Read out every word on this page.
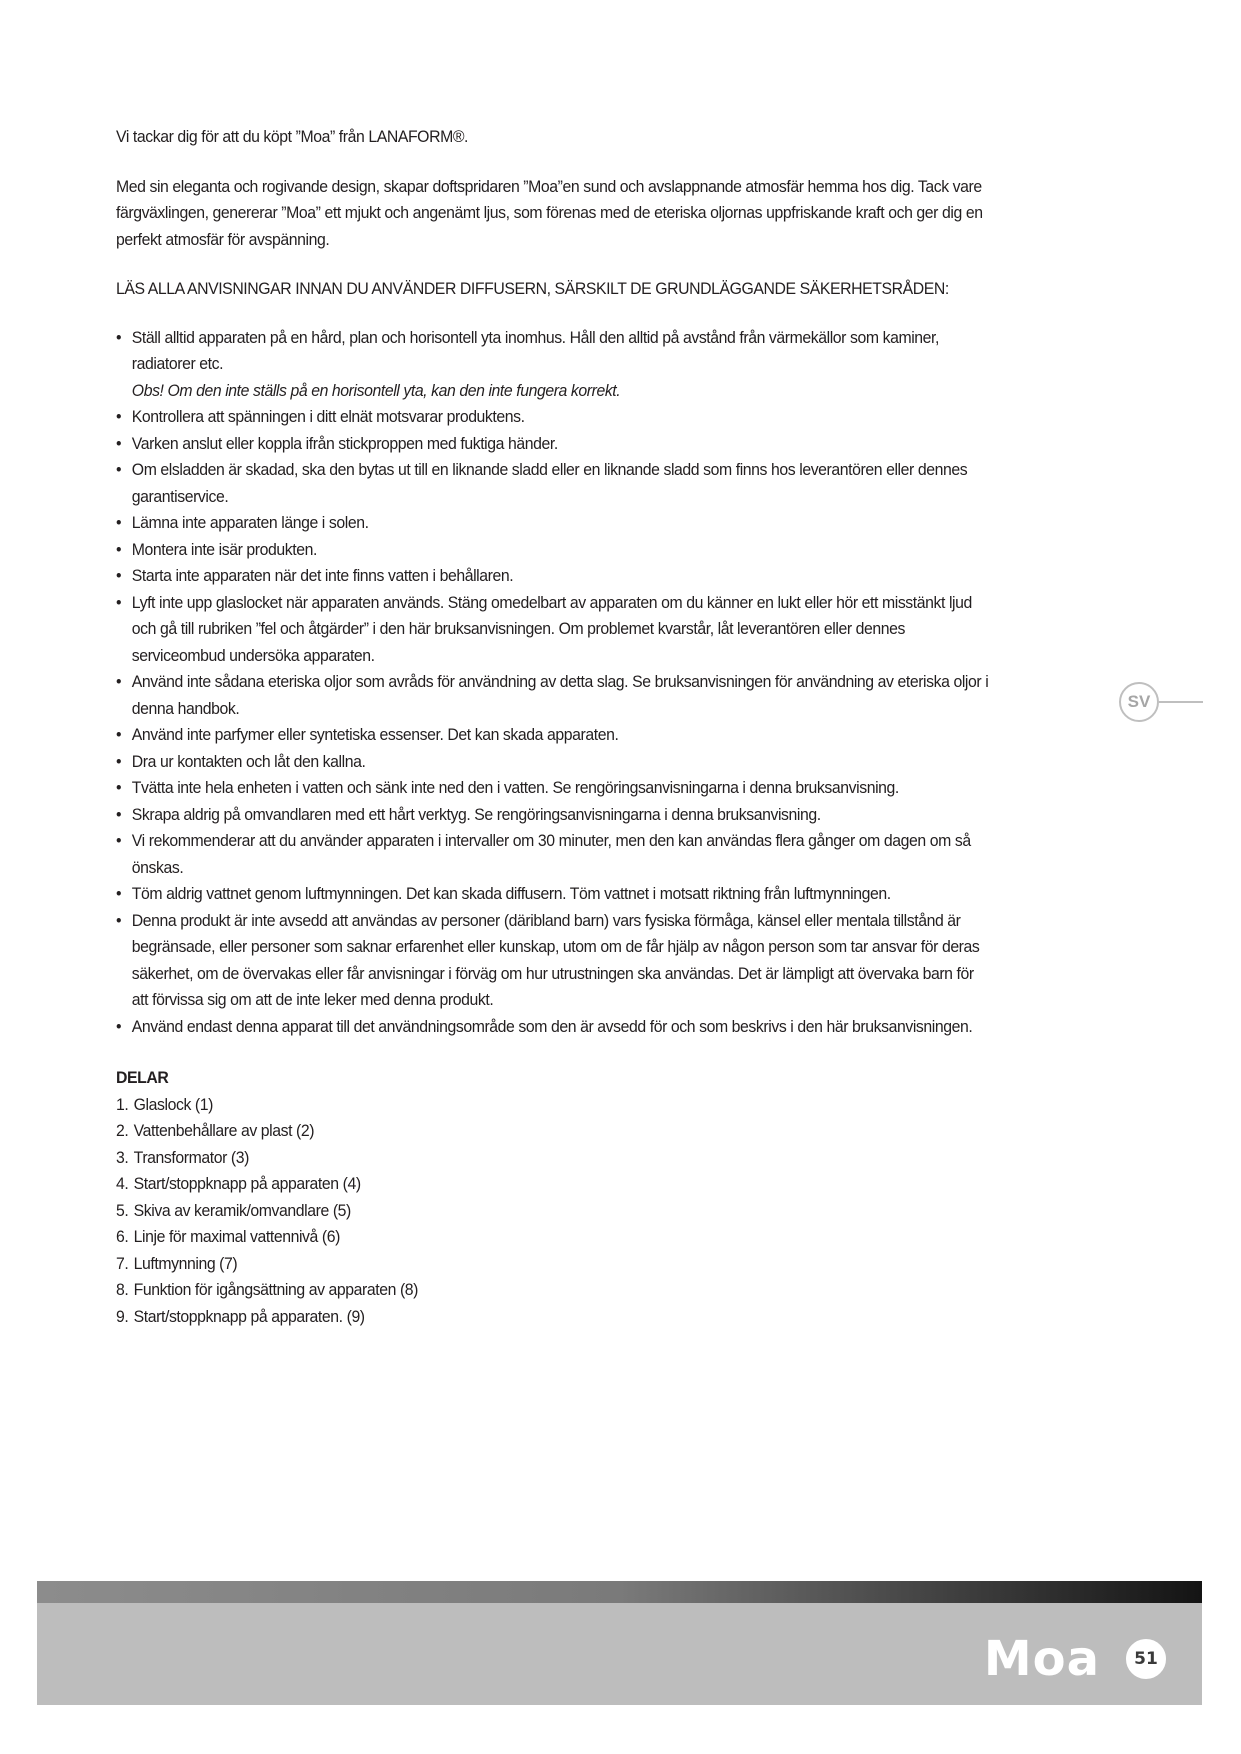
Vi tackar dig för att du köpt ”Moa” från LANAFORM®.

Med sin eleganta och rogivande design, skapar doftspridaren ”Moa”en sund och avslappnande atmosfär hemma hos dig. Tack vare färgväxlingen, genererar ”Moa” ett mjukt och angenämt ljus, som förenas med de eteriska oljornas uppfriskande kraft och ger dig en perfekt atmosfär för avspänning.

LÄS ALLA ANVISNINGAR INNAN DU ANVÄNDER DIFFUSERN, SÄRSKILT DE GRUNDLÄGGANDE SÄKERHETSRÅDEN:

• Ställ alltid apparaten på en hård, plan och horisontell yta inomhus. Håll den alltid på avstånd från värmekällor som kaminer, radiatorer etc.
Obs! Om den inte ställs på en horisontell yta, kan den inte fungera korrekt.
• Kontrollera att spänningen i ditt elnät motsvarar produktens.
• Varken anslut eller koppla ifrån stickproppen med fuktiga händer.
• Om elsladden är skadad, ska den bytas ut till en liknande sladd eller en liknande sladd som finns hos leverantören eller dennes garantiservice.
• Lämna inte apparaten länge i solen.
• Montera inte isär produkten.
• Starta inte apparaten när det inte finns vatten i behållaren.
• Lyft inte upp glaslocket när apparaten används. Stäng omedelbart av apparaten om du känner en lukt eller hör ett misstänkt ljud och gå till rubriken ”fel och åtgärder” i den här bruksanvisningen. Om problemet kvarstår, låt leverantören eller dennes serviceombud undersöka apparaten.
• Använd inte sådana eteriska oljor som avråds för användning av detta slag. Se bruksanvisningen för användning av eteriska oljor i denna handbok.
• Använd inte parfymer eller syntetiska essenser. Det kan skada apparaten.
• Dra ur kontakten och låt den kallna.
• Tvätta inte hela enheten i vatten och sänk inte ned den i vatten. Se rengöringsanvisningarna i denna bruksanvisning.
• Skrapa aldrig på omvandlaren med ett hårt verktyg. Se rengöringsanvisningarna i denna bruksanvisning.
• Vi rekommenderar att du använder apparaten i intervaller om 30 minuter, men den kan användas flera gånger om dagen om så önskas.
• Töm aldrig vattnet genom luftmynningen. Det kan skada diffusern. Töm vattnet i motsatt riktning från luftmynningen.
• Denna produkt är inte avsedd att användas av personer (däribland barn) vars fysiska förmåga, känsel eller mentala tillstånd är begränsade, eller personer som saknar erfarenhet eller kunskap, utom om de får hjälp av någon person som tar ansvar för deras säkerhet, om de övervakas eller får anvisningar i förväg om hur utrustningen ska användas. Det är lämpligt att övervaka barn för att förvissa sig om att de inte leker med denna produkt.
• Använd endast denna apparat till det användningsområde som den är avsedd för och som beskrivs i den här bruksanvisningen.
DELAR
1. Glaslock (1)
2. Vattenbehållare av plast (2)
3. Transformator (3)
4. Start/stoppknapp på apparaten (4)
5. Skiva av keramik/omvandlare (5)
6. Linje för maximal vattennivå (6)
7. Luftmynning (7)
8. Funktion för igångsättning av apparaten (8)
9. Start/stoppknapp på apparaten. (9)
SV
Moa	51
